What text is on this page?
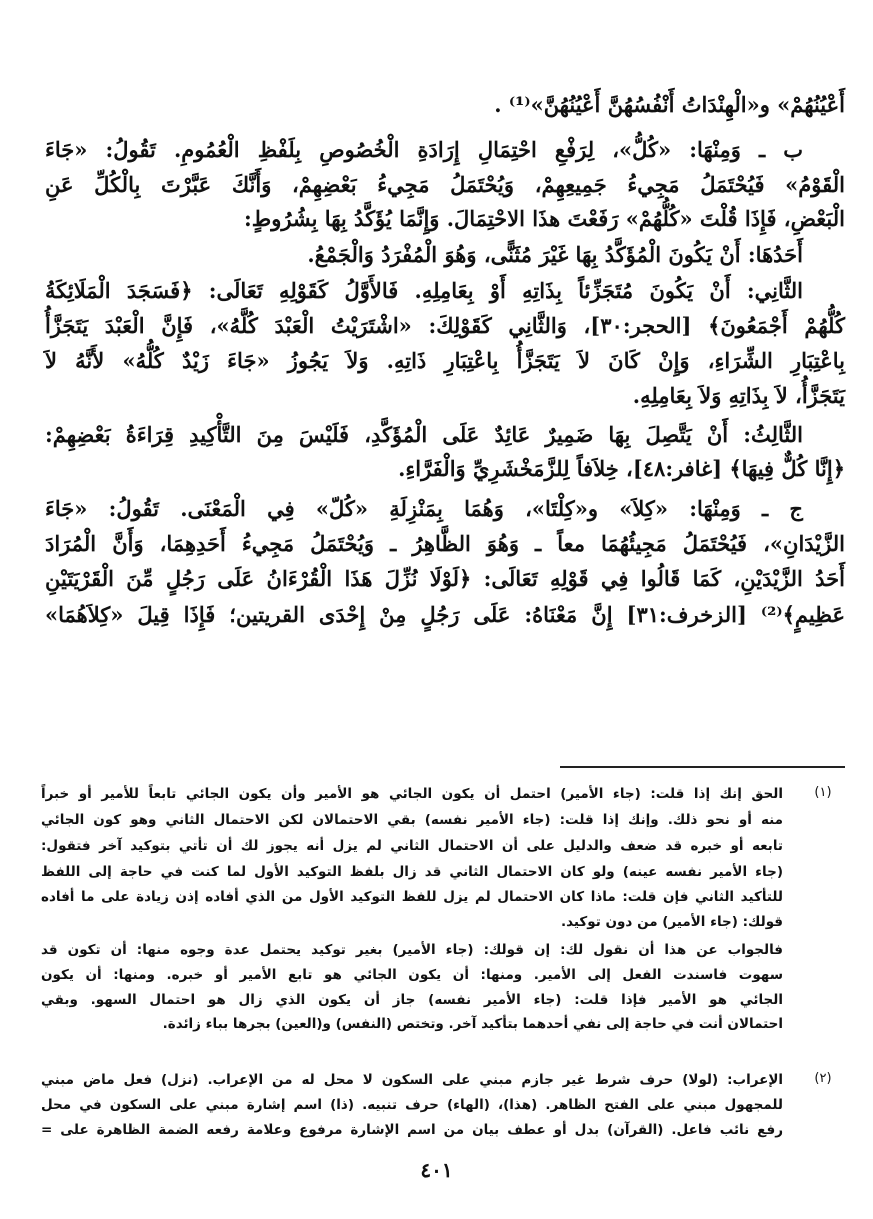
أَعْيُنُهُمْ» و«الْهِنْدَاتُ أَنْفُسُهُنَّ أَعْيُنُهُنَّ»⁽¹⁾ .
ب ـ وَمِنْهَا: «كُلُّ»، لِرَفْعِ احْتِمَالِ إِرَادَةِ الْخُصُوصِ بِلَفْظِ الْعُمُومِ. تَقُولُ: «جَاءَ
الْقَوْمُ» فَيُحْتَمَلُ مَجِيءُ جَمِيعِهِمْ، وَيُحْتَمَلُ مَجِيءُ بَعْضِهِمْ، وَأَنَّكَ عَبَّرْتَ بِالْكُلِّ عَنِ
الْبَعْضِ، فَإِذَا قُلْتَ «كُلُّهُمْ» رَفَعْتَ هذَا الاحْتِمَالَ. وَإِنَّمَا يُؤَكَّدُ بِهَا بِشُرُوطٍ:
أَحَدُهَا: أَنْ يَكُونَ الْمُؤَكَّدُ بِهَا غَيْرَ مُثَنًّى، وَهُوَ الْمُفْرَدُ وَالْجَمْعُ.
الثَّانِي: أَنْ يَكُونَ مُتَجَزِّئاً بِذَاتِهِ أَوْ بِعَامِلِهِ. فَالأَوَّلُ كَقَوْلِهِ تَعَالَى: ﴿فَسَجَدَ الْمَلَائِكَةُ
كُلُّهُمْ أَجْمَعُونَ﴾ [الحجر:٣٠]، وَالثَّانِي كَقَوْلِكَ: «اشْتَرَيْتُ الْعَبْدَ كُلَّهُ»، فَإِنَّ الْعَبْدَ يَتَجَزَّأُ
بِاعْتِبَارِ الشِّرَاءِ، وَإِنْ كَانَ لاَ يَتَجَزَّأُ بِاعْتِبَارِ ذَاتِهِ. وَلاَ يَجُوزُ «جَاءَ زَيْدٌ كُلُّهُ» لأَنَّهُ لاَ
يَتَجَزَّأُ، لاَ بِذَاتِهِ وَلاَ بِعَامِلِهِ.
الثَّالِثُ: أَنْ يَتَّصِلَ بِهَا ضَمِيرٌ عَائِدٌ عَلَى الْمُؤَكَّدِ، فَلَيْسَ مِنَ التَّأْكِيدِ قِرَاءَةُ بَعْضِهِمْ:
﴿إِنَّا كُلٌّ فِيهَا﴾ [غافر:٤٨]، خِلاَفاً لِلزَّمَخْشَرِيِّ وَالْفَرَّاءِ.
ج ـ وَمِنْهَا: «كِلاَ» و«كِلْتَا»، وَهُمَا بِمَنْزِلَةِ «كُلّ» فِي الْمَعْنَى. تَقُولُ: «جَاءَ
الزَّيْدَانِ»، فَيُحْتَمَلُ مَجِيئُهُمَا معاً ـ وَهُوَ الظَّاهِرُ ـ وَيُحْتَمَلُ مَجِيءُ أَحَدِهِمَا، وَأَنَّ الْمُرَادَ
أَحَدُ الزَّيْدَيْنِ، كَمَا قَالُوا فِي قَوْلِهِ تَعَالَى: ﴿لَوْلَا نُزِّلَ هَذَا الْقُرْءَانُ عَلَى رَجُلٍ مِّنَ الْقَرْيَتَيْنِ
عَظِيمٍ﴾⁽²⁾ [الزخرف:٣١] إِنَّ مَعْنَاهُ: عَلَى رَجُلٍ مِنْ إِحْدَى القريتين؛ فَإِذَا قِيلَ «كِلاَهُمَا»
(١)
الحق إنك إذا قلت: (جاء الأمير) احتمل أن يكون الجائي هو الأمير وأن يكون الجائي تابعاً للأمير أو خبراً
منه أو نحو ذلك. وإنك إذا قلت: (جاء الأمير نفسه) بقي الاحتمالان لكن الاحتمال الثاني وهو كون الجائي
تابعه أو خبره قد ضعف والدليل على أن الاحتمال الثاني لم يزل أنه يجوز لك أن تأتي بتوكيد آخر فتقول:
(جاء الأمير نفسه عينه) ولو كان الاحتمال الثاني قد زال بلفظ التوكيد الأول لما كنت في حاجة إلى اللفظ
للتأكيد الثاني فإن قلت: ماذا كان الاحتمال لم يزل للفظ التوكيد الأول من الذي أفاده إذن زيادة على ما أفاده
قولك: (جاء الأمير) من دون توكيد.
فالجواب عن هذا أن نقول لك: إن قولك: (جاء الأمير) بغير توكيد يحتمل عدة وجوه منها: أن تكون قد
سهوت فاسندت الفعل إلى الأمير. ومنها: أن يكون الجائي هو تابع الأمير أو خبره. ومنها: أن يكون
الجائي هو الأمير فإذا قلت: (جاء الأمير نفسه) جاز أن يكون الذي زال هو احتمال السهو. وبقي
احتمالان أنت في حاجة إلى نفي أحدهما بتأكيد آخر. وتختص (النفس) و(العين) بجرها بباء زائدة.
(٢)
الإعراب: (لولا) حرف شرط غير جازم مبني على السكون لا محل له من الإعراب. (نزل) فعل ماض مبني
للمجهول مبني على الفتح الظاهر. (هذا)، (الهاء) حرف تنبيه. (ذا) اسم إشارة مبني على السكون في محل
رفع نائب فاعل. (القرآن) بدل أو عطف بيان من اسم الإشارة مرفوع وعلامة رفعه الضمة الظاهرة على =
٤٠١
